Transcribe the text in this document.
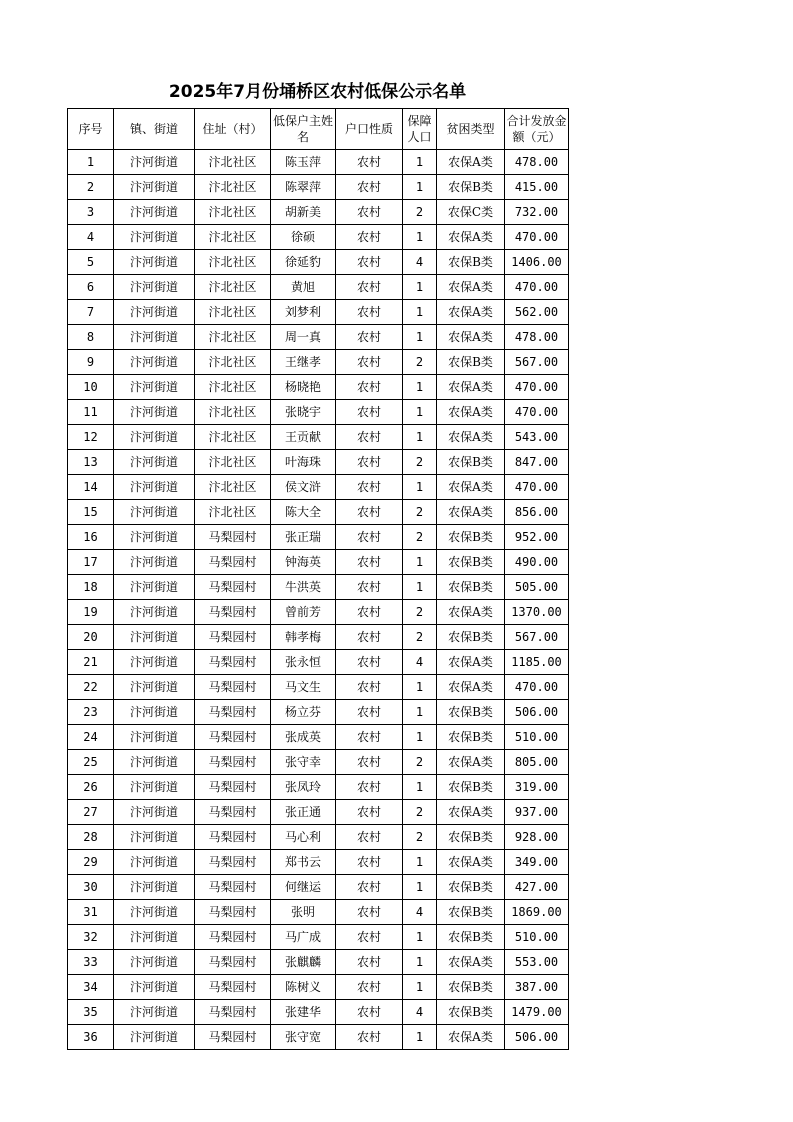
2025年7月份埇桥区农村低保公示名单
序号	镇、街道	住址（村）	低保户主姓名	户口性质	保障人口	贫困类型	合计发放金额（元）
1	汴河街道	汴北社区	陈玉萍	农村	1	农保A类	478.00
2	汴河街道	汴北社区	陈翠萍	农村	1	农保B类	415.00
3	汴河街道	汴北社区	胡新美	农村	2	农保C类	732.00
4	汴河街道	汴北社区	徐硕	农村	1	农保A类	470.00
5	汴河街道	汴北社区	徐延豹	农村	4	农保B类	1406.00
6	汴河街道	汴北社区	黄旭	农村	1	农保A类	470.00
7	汴河街道	汴北社区	刘梦利	农村	1	农保A类	562.00
8	汴河街道	汴北社区	周一真	农村	1	农保A类	478.00
9	汴河街道	汴北社区	王继孝	农村	2	农保B类	567.00
10	汴河街道	汴北社区	杨晓艳	农村	1	农保A类	470.00
11	汴河街道	汴北社区	张晓宇	农村	1	农保A类	470.00
12	汴河街道	汴北社区	王贡献	农村	1	农保A类	543.00
13	汴河街道	汴北社区	叶海珠	农村	2	农保B类	847.00
14	汴河街道	汴北社区	侯文浒	农村	1	农保A类	470.00
15	汴河街道	汴北社区	陈大全	农村	2	农保A类	856.00
16	汴河街道	马梨园村	张正瑞	农村	2	农保B类	952.00
17	汴河街道	马梨园村	钟海英	农村	1	农保B类	490.00
18	汴河街道	马梨园村	牛洪英	农村	1	农保B类	505.00
19	汴河街道	马梨园村	曾前芳	农村	2	农保A类	1370.00
20	汴河街道	马梨园村	韩孝梅	农村	2	农保B类	567.00
21	汴河街道	马梨园村	张永恒	农村	4	农保A类	1185.00
22	汴河街道	马梨园村	马文生	农村	1	农保A类	470.00
23	汴河街道	马梨园村	杨立芬	农村	1	农保B类	506.00
24	汴河街道	马梨园村	张成英	农村	1	农保B类	510.00
25	汴河街道	马梨园村	张守幸	农村	2	农保A类	805.00
26	汴河街道	马梨园村	张凤玲	农村	1	农保B类	319.00
27	汴河街道	马梨园村	张正通	农村	2	农保A类	937.00
28	汴河街道	马梨园村	马心利	农村	2	农保B类	928.00
29	汴河街道	马梨园村	郑书云	农村	1	农保A类	349.00
30	汴河街道	马梨园村	何继运	农村	1	农保B类	427.00
31	汴河街道	马梨园村	张明	农村	4	农保B类	1869.00
32	汴河街道	马梨园村	马广成	农村	1	农保B类	510.00
33	汴河街道	马梨园村	张麒麟	农村	1	农保A类	553.00
34	汴河街道	马梨园村	陈树义	农村	1	农保B类	387.00
35	汴河街道	马梨园村	张建华	农村	4	农保B类	1479.00
36	汴河街道	马梨园村	张守宽	农村	1	农保A类	506.00
